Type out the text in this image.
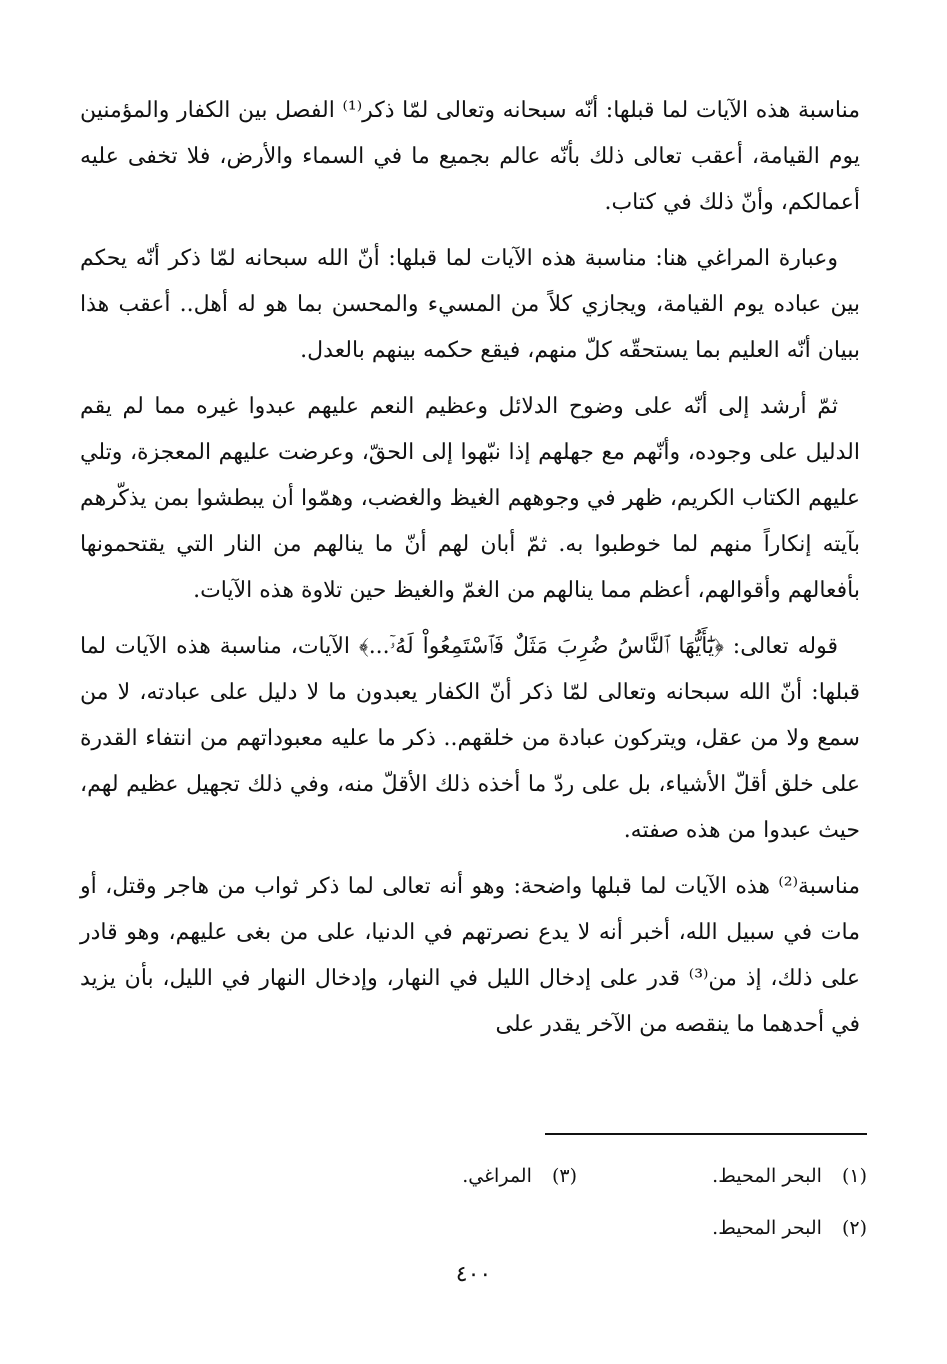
مناسبة هذه الآيات لما قبلها: أنّه سبحانه وتعالى لمّا ذكر⁽¹⁾ الفصل بين الكفار والمؤمنين يوم القيامة، أعقب تعالى ذلك بأنّه عالم بجميع ما في السماء والأرض، فلا تخفى عليه أعمالكم، وأنّ ذلك في كتاب.

وعبارة المراغي هنا: مناسبة هذه الآيات لما قبلها: أنّ الله سبحانه لمّا ذكر أنّه يحكم بين عباده يوم القيامة، ويجازي كلاً من المسيء والمحسن بما هو له أهل.. أعقب هذا ببيان أنّه العليم بما يستحقّه كلّ منهم، فيقع حكمه بينهم بالعدل.

ثمّ أرشد إلى أنّه على وضوح الدلائل وعظيم النعم عليهم عبدوا غيره مما لم يقم الدليل على وجوده، وأنّهم مع جهلهم إذا نبّهوا إلى الحقّ، وعرضت عليهم المعجزة، وتلي عليهم الكتاب الكريم، ظهر في وجوههم الغيظ والغضب، وهمّوا أن يبطشوا بمن يذكّرهم بآيته إنكاراً منهم لما خوطبوا به. ثمّ أبان لهم أنّ ما ينالهم من النار التي يقتحمونها بأفعالهم وأقوالهم، أعظم مما ينالهم من الغمّ والغيظ حين تلاوة هذه الآيات.

قوله تعالى: ﴿يَٰٓأَيُّهَا ٱلنَّاسُ ضُرِبَ مَثَلٌ فَٱسْتَمِعُواْ لَهُۥٓ...﴾ الآيات، مناسبة هذه الآيات لما قبلها: أنّ الله سبحانه وتعالى لمّا ذكر أنّ الكفار يعبدون ما لا دليل على عبادته، لا من سمع ولا من عقل، ويتركون عبادة من خلقهم.. ذكر ما عليه معبوداتهم من انتفاء القدرة على خلق أقلّ الأشياء، بل على ردّ ما أخذه ذلك الأقلّ منه، وفي ذلك تجهيل عظيم لهم، حيث عبدوا من هذه صفته.

مناسبة⁽²⁾ هذه الآيات لما قبلها واضحة: وهو أنه تعالى لما ذكر ثواب من هاجر وقتل، أو مات في سبيل الله، أخبر أنه لا يدع نصرتهم في الدنيا، على من بغى عليهم، وهو قادر على ذلك، إذ من⁽³⁾ قدر على إدخال الليل في النهار، وإدخال النهار في الليل، بأن يزيد في أحدهما ما ينقصه من الآخر يقدر على

(١) البحر المحيط.
(٣) المراغي.
(٢) البحر المحيط.
٤٠٠
